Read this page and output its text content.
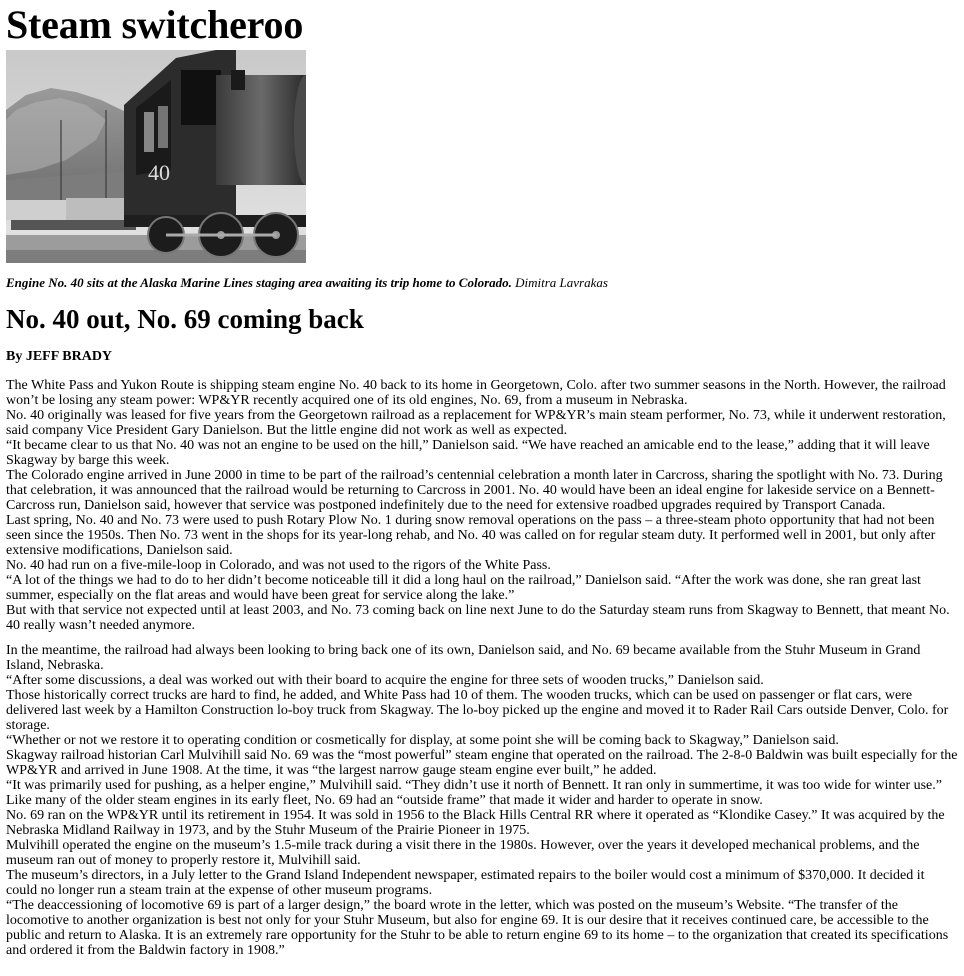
Steam switcheroo
40

Engine No. 40 sits at the Alaska Marine Lines staging area awaiting its trip home to Colorado. Dimitra Lavrakas

No. 40 out, No. 69 coming back

By JEFF BRADY

The White Pass and Yukon Route is shipping steam engine No. 40 back to its home in Georgetown, Colo. after two summer seasons in the North. However, the railroad won’t be losing any steam power: WP&YR recently acquired one of its old engines, No. 69, from a museum in Nebraska.

No. 40 originally was leased for five years from the Georgetown railroad as a replacement for WP&YR’s main steam performer, No. 73, while it underwent restoration, said company Vice President Gary Danielson. But the little engine did not work as well as expected.

“It became clear to us that No. 40 was not an engine to be used on the hill,” Danielson said. “We have reached an amicable end to the lease,” adding that it will leave Skagway by barge this week.

The Colorado engine arrived in June 2000 in time to be part of the railroad’s centennial celebration a month later in Carcross, sharing the spotlight with No. 73. During that celebration, it was announced that the railroad would be returning to Carcross in 2001. No. 40 would have been an ideal engine for lakeside service on a Bennett-Carcross run, Danielson said, however that service was postponed indefinitely due to the need for extensive roadbed upgrades required by Transport Canada.

Last spring, No. 40 and No. 73 were used to push Rotary Plow No. 1 during snow removal operations on the pass – a three-steam photo opportunity that had not been seen since the 1950s. Then No. 73 went in the shops for its year-long rehab, and No. 40 was called on for regular steam duty. It performed well in 2001, but only after extensive modifications, Danielson said.

No. 40 had run on a five-mile-loop in Colorado, and was not used to the rigors of the White Pass.

“A lot of the things we had to do to her didn’t become noticeable till it did a long haul on the railroad,” Danielson said. “After the work was done, she ran great last summer, especially on the flat areas and would have been great for service along the lake.”

But with that service not expected until at least 2003, and No. 73 coming back on line next June to do the Saturday steam runs from Skagway to Bennett, that meant No. 40 really wasn’t needed anymore.

In the meantime, the railroad had always been looking to bring back one of its own, Danielson said, and No. 69 became available from the Stuhr Museum in Grand Island, Nebraska.

“After some discussions, a deal was worked out with their board to acquire the engine for three sets of wooden trucks,” Danielson said.

Those historically correct trucks are hard to find, he added, and White Pass had 10 of them. The wooden trucks, which can be used on passenger or flat cars, were delivered last week by a Hamilton Construction lo-boy truck from Skagway. The lo-boy picked up the engine and moved it to Rader Rail Cars outside Denver, Colo. for storage.

“Whether or not we restore it to operating condition or cosmetically for display, at some point she will be coming back to Skagway,” Danielson said.

Skagway railroad historian Carl Mulvihill said No. 69 was the “most powerful” steam engine that operated on the railroad. The 2-8-0 Baldwin was built especially for the WP&YR and arrived in June 1908. At the time, it was “the largest narrow gauge steam engine ever built,” he added.

“It was primarily used for pushing, as a helper engine,” Mulvihill said. “They didn’t use it north of Bennett. It ran only in summertime, it was too wide for winter use.” Like many of the older steam engines in its early fleet, No. 69 had an “outside frame” that made it wider and harder to operate in snow.

No. 69 ran on the WP&YR until its retirement in 1954. It was sold in 1956 to the Black Hills Central RR where it operated as “Klondike Casey.” It was acquired by the Nebraska Midland Railway in 1973, and by the Stuhr Museum of the Prairie Pioneer in 1975.

Mulvihill operated the engine on the museum’s 1.5-mile track during a visit there in the 1980s. However, over the years it developed mechanical problems, and the museum ran out of money to properly restore it, Mulvihill said.

The museum’s directors, in a July letter to the Grand Island Independent newspaper, estimated repairs to the boiler would cost a minimum of $370,000. It decided it could no longer run a steam train at the expense of other museum programs.

“The deaccessioning of locomotive 69 is part of a larger design,” the board wrote in the letter, which was posted on the museum’s Website. “The transfer of the locomotive to another organization is best not only for your Stuhr Museum, but also for engine 69. It is our desire that it receives continued care, be accessible to the public and return to Alaska. It is an extremely rare opportunity for the Stuhr to be able to return engine 69 to its home – to the organization that created its specifications and ordered it from the Baldwin factory in 1908.”
